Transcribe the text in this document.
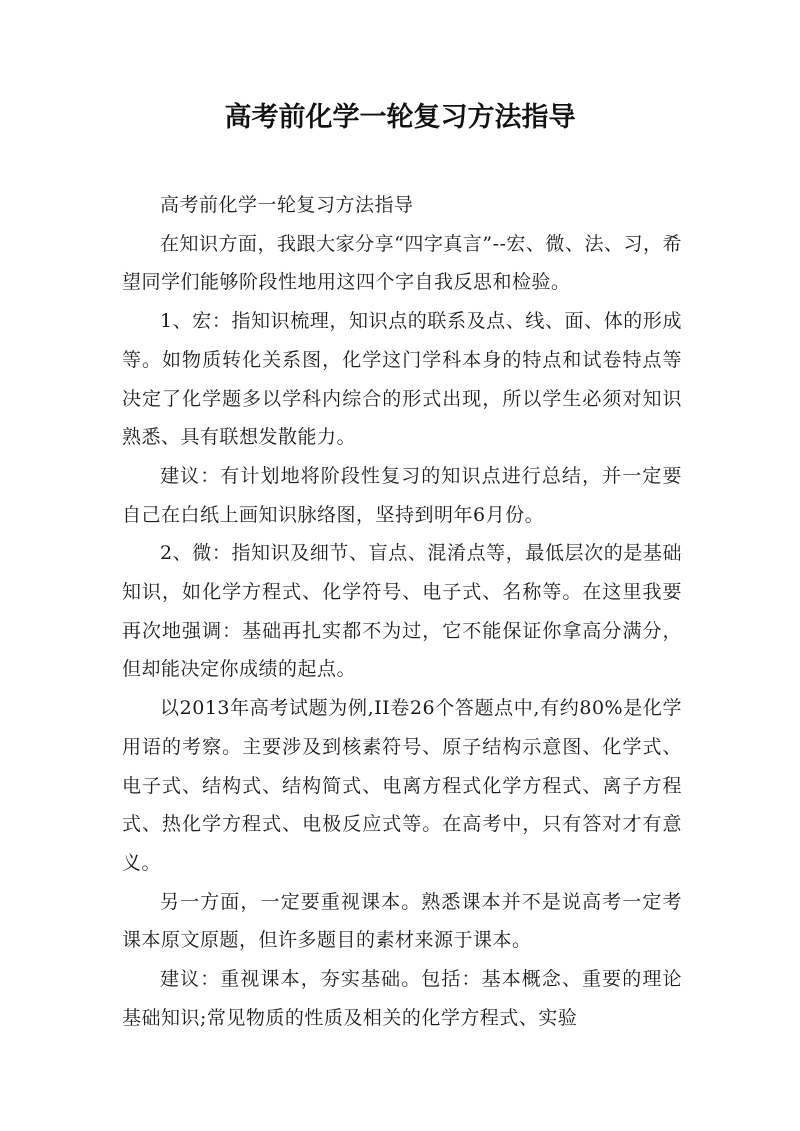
高考前化学一轮复习方法指导

高考前化学一轮复习方法指导

在知识方面，我跟大家分享“四字真言”--宏、微、法、习，希望同学们能够阶段性地用这四个字自我反思和检验。

1、宏：指知识梳理，知识点的联系及点、线、面、体的形成等。如物质转化关系图，化学这门学科本身的特点和试卷特点等决定了化学题多以学科内综合的形式出现，所以学生必须对知识熟悉、具有联想发散能力。

建议：有计划地将阶段性复习的知识点进行总结，并一定要自己在白纸上画知识脉络图，坚持到明年6月份。

2、微：指知识及细节、盲点、混淆点等，最低层次的是基础知识，如化学方程式、化学符号、电子式、名称等。在这里我要再次地强调：基础再扎实都不为过，它不能保证你拿高分满分，但却能决定你成绩的起点。

以2013年高考试题为例,II卷26个答题点中,有约80%是化学用语的考察。主要涉及到核素符号、原子结构示意图、化学式、电子式、结构式、结构简式、电离方程式化学方程式、离子方程式、热化学方程式、电极反应式等。在高考中，只有答对才有意义。

另一方面，一定要重视课本。熟悉课本并不是说高考一定考课本原文原题，但许多题目的素材来源于课本。

建议：重视课本，夯实基础。包括：基本概念、重要的理论基础知识;常见物质的性质及相关的化学方程式、实验
